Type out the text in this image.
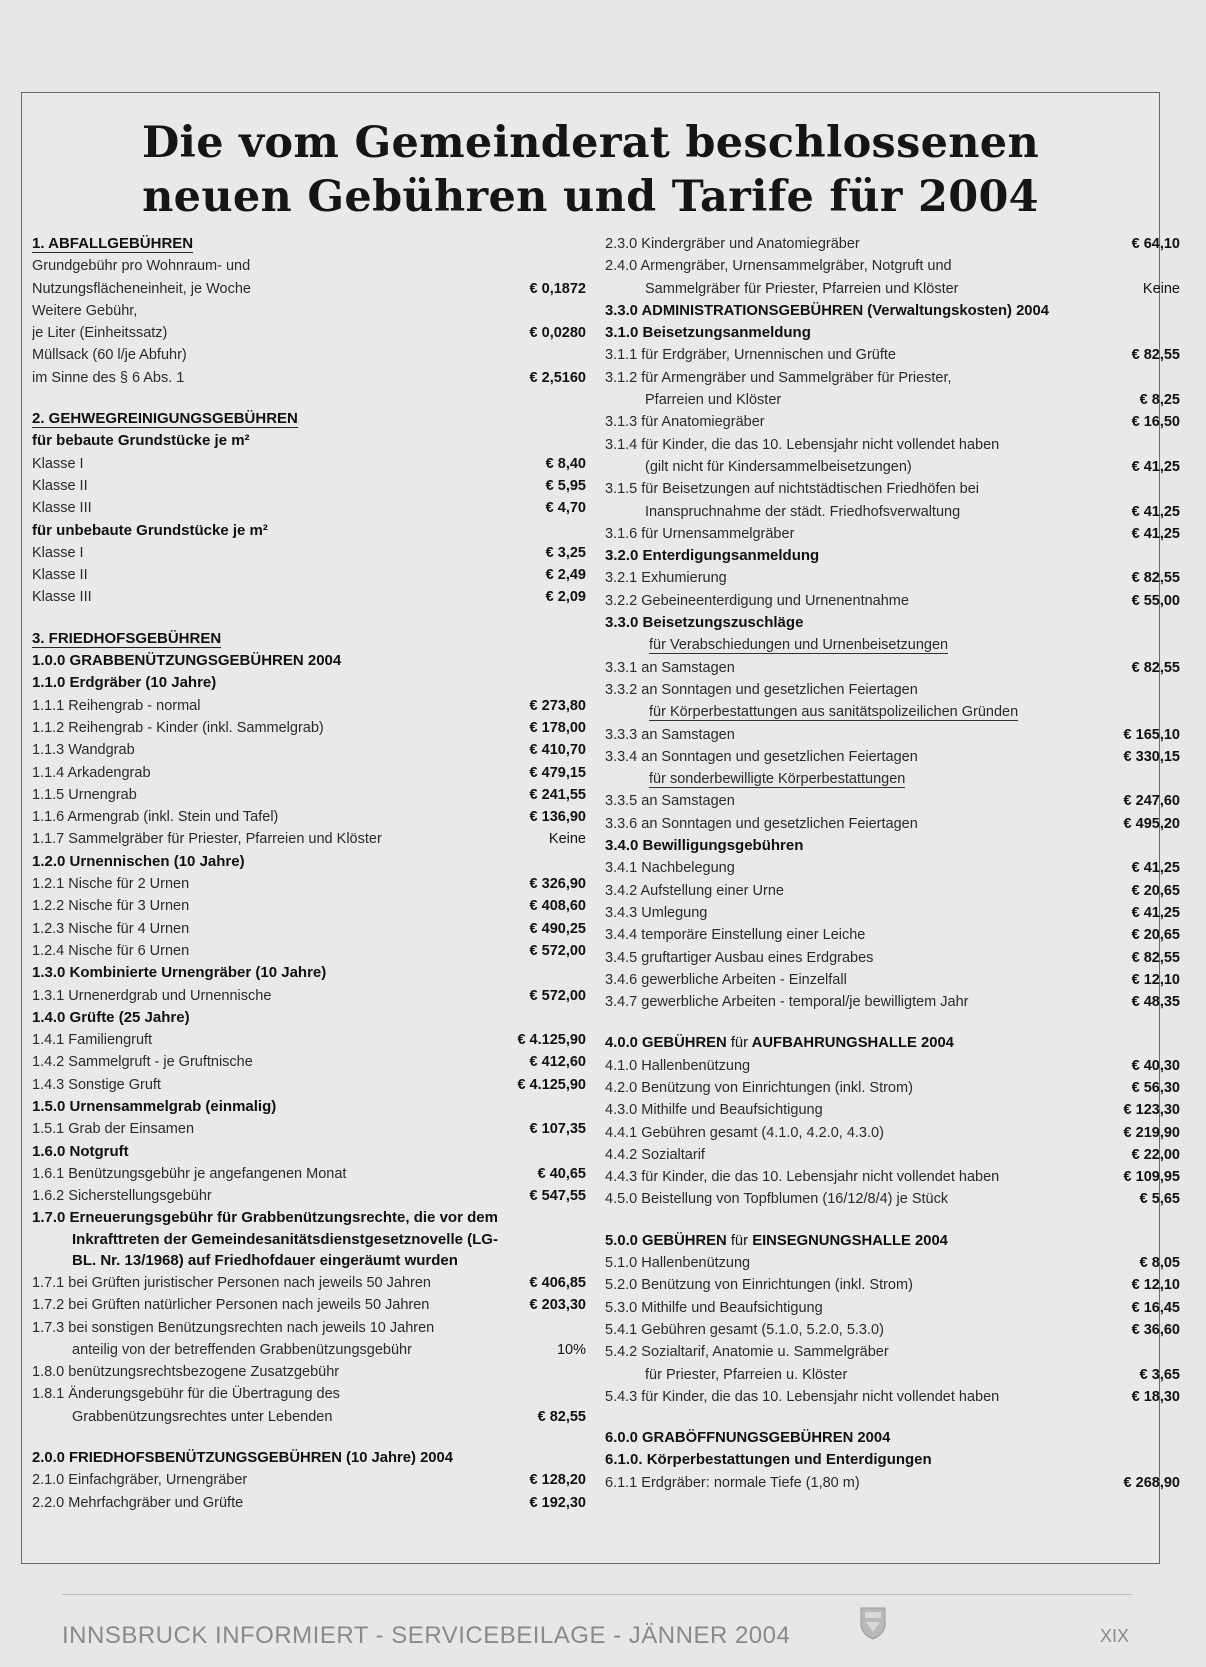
Die vom Gemeinderat beschlossenen
neuen Gebühren und Tarife für 2004
1. ABFALLGEBÜHREN
Grundgebühr pro Wohnraum- und
Nutzungsflächeneinheit, je Woche	€ 0,1872
Weitere Gebühr,
je Liter (Einheitssatz)	€ 0,0280
Müllsack (60 l/je Abfuhr)
im Sinne des § 6 Abs. 1	€ 2,5160
2. GEHWEGREINIGUNGSGEBÜHREN
für bebaute Grundstücke je m²
Klasse I	€ 8,40
Klasse II	€ 5,95
Klasse III	€ 4,70
für unbebaute Grundstücke je m²
Klasse I	€ 3,25
Klasse II	€ 2,49
Klasse III	€ 2,09
3. FRIEDHOFSGEBÜHREN
1.0.0 GRABBENÜTZUNGSGEBÜHREN 2004
1.1.0 Erdgräber (10 Jahre)
1.1.1 Reihengrab - normal	€ 273,80
1.1.2 Reihengrab - Kinder (inkl. Sammelgrab)	€ 178,00
1.1.3 Wandgrab	€ 410,70
1.1.4 Arkadengrab	€ 479,15
1.1.5 Urnengrab	€ 241,55
1.1.6 Armengrab (inkl. Stein und Tafel)	€ 136,90
1.1.7 Sammelgräber für Priester, Pfarreien und Klöster	Keine
1.2.0 Urnennischen (10 Jahre)
1.2.1 Nische für 2 Urnen	€ 326,90
1.2.2 Nische für 3 Urnen	€ 408,60
1.2.3 Nische für 4 Urnen	€ 490,25
1.2.4 Nische für 6 Urnen	€ 572,00
1.3.0 Kombinierte Urnengräber (10 Jahre)
1.3.1 Urnenerdgrab und Urnennische	€ 572,00
1.4.0 Grüfte (25 Jahre)
1.4.1 Familiengruft	€ 4.125,90
1.4.2 Sammelgruft - je Gruftnische	€ 412,60
1.4.3 Sonstige Gruft	€ 4.125,90
1.5.0 Urnensammelgrab (einmalig)
1.5.1 Grab der Einsamen	€ 107,35
1.6.0 Notgruft
1.6.1 Benützungsgebühr je angefangenen Monat	€ 40,65
1.6.2 Sicherstellungsgebühr	€ 547,55
1.7.0 Erneuerungsgebühr für Grabbenützungsrechte, die vor dem
Inkrafttreten der Gemeindesanitätsdienstgesetznovelle (LG-
BL. Nr. 13/1968) auf Friedhofdauer eingeräumt wurden
1.7.1 bei Grüften juristischer Personen nach jeweils 50 Jahren	€ 406,85
1.7.2 bei Grüften natürlicher Personen nach jeweils 50 Jahren	€ 203,30
1.7.3 bei sonstigen Benützungsrechten nach jeweils 10 Jahren
anteilig von der betreffenden Grabbenützungsgebühr	10%
1.8.0 benützungsrechtsbezogene Zusatzgebühr
1.8.1 Änderungsgebühr für die Übertragung des
Grabbenützungsrechtes unter Lebenden	€ 82,55
2.0.0 FRIEDHOFSBENÜTZUNGSGEBÜHREN (10 Jahre) 2004
2.1.0 Einfachgräber, Urnengräber	€ 128,20
2.2.0 Mehrfachgräber und Grüfte	€ 192,30
2.3.0 Kindergräber und Anatomiegräber	€ 64,10
2.4.0 Armengräber, Urnensammelgräber, Notgruft und
Sammelgräber für Priester, Pfarreien und Klöster	Keine
3.3.0 ADMINISTRATIONSGEBÜHREN (Verwaltungskosten) 2004
3.1.0 Beisetzungsanmeldung
3.1.1 für Erdgräber, Urnennischen und Grüfte	€ 82,55
3.1.2 für Armengräber und Sammelgräber für Priester,
Pfarreien und Klöster	€ 8,25
3.1.3 für Anatomiegräber	€ 16,50
3.1.4 für Kinder, die das 10. Lebensjahr nicht vollendet haben
(gilt nicht für Kindersammelbeisetzungen)	€ 41,25
3.1.5 für Beisetzungen auf nichtstädtischen Friedhöfen bei
Inanspruchnahme der städt. Friedhofsverwaltung	€ 41,25
3.1.6 für Urnensammelgräber	€ 41,25
3.2.0 Enterdigungsanmeldung
3.2.1 Exhumierung	€ 82,55
3.2.2 Gebeineenterdigung und Urnenentnahme	€ 55,00
3.3.0 Beisetzungszuschläge
für Verabschiedungen und Urnenbeisetzungen
3.3.1 an Samstagen	€ 82,55
3.3.2 an Sonntagen und gesetzlichen Feiertagen
für Körperbestattungen aus sanitätspolizeilichen Gründen
3.3.3 an Samstagen	€ 165,10
3.3.4 an Sonntagen und gesetzlichen Feiertagen	€ 330,15
für sonderbewilligte Körperbestattungen
3.3.5 an Samstagen	€ 247,60
3.3.6 an Sonntagen und gesetzlichen Feiertagen	€ 495,20
3.4.0 Bewilligungsgebühren
3.4.1 Nachbelegung	€ 41,25
3.4.2 Aufstellung einer Urne	€ 20,65
3.4.3 Umlegung	€ 41,25
3.4.4 temporäre Einstellung einer Leiche	€ 20,65
3.4.5 gruftartiger Ausbau eines Erdgrabes	€ 82,55
3.4.6 gewerbliche Arbeiten - Einzelfall	€ 12,10
3.4.7 gewerbliche Arbeiten - temporal/je bewilligtem Jahr	€ 48,35
4.0.0 GEBÜHREN für AUFBAHRUNGSHALLE 2004
4.1.0 Hallenbenützung	€ 40,30
4.2.0 Benützung von Einrichtungen (inkl. Strom)	€ 56,30
4.3.0 Mithilfe und Beaufsichtigung	€ 123,30
4.4.1 Gebühren gesamt (4.1.0, 4.2.0, 4.3.0)	€ 219,90
4.4.2 Sozialtarif	€ 22,00
4.4.3 für Kinder, die das 10. Lebensjahr nicht vollendet haben	€ 109,95
4.5.0 Beistellung von Topfblumen (16/12/8/4) je Stück	€ 5,65
5.0.0 GEBÜHREN für EINSEGNUNGSHALLE 2004
5.1.0 Hallenbenützung	€ 8,05
5.2.0 Benützung von Einrichtungen (inkl. Strom)	€ 12,10
5.3.0 Mithilfe und Beaufsichtigung	€ 16,45
5.4.1 Gebühren gesamt (5.1.0, 5.2.0, 5.3.0)	€ 36,60
5.4.2 Sozialtarif, Anatomie u. Sammelgräber
für Priester, Pfarreien u. Klöster	€ 3,65
5.4.3 für Kinder, die das 10. Lebensjahr nicht vollendet haben	€ 18,30
6.0.0 GRABÖFFNUNGSGEBÜHREN 2004
6.1.0. Körperbestattungen und Enterdigungen
6.1.1 Erdgräber: normale Tiefe (1,80 m)	€ 268,90
INNSBRUCK INFORMIERT - SERVICEBEILAGE - JÄNNER 2004	XIX
